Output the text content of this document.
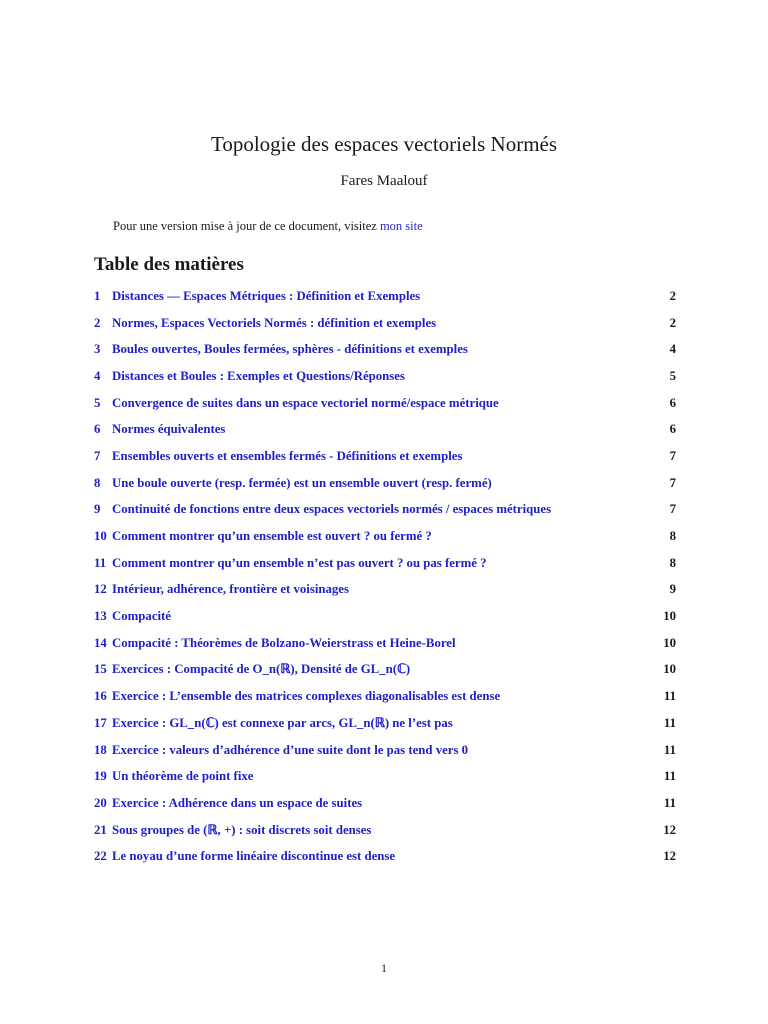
Topologie des espaces vectoriels Normés
Fares Maalouf
Pour une version mise à jour de ce document, visitez mon site
Table des matières
1 Distances — Espaces Métriques : Définition et Exemples	2
2 Normes, Espaces Vectoriels Normés : définition et exemples	2
3 Boules ouvertes, Boules fermées, sphères - définitions et exemples	4
4 Distances et Boules : Exemples et Questions/Réponses	5
5 Convergence de suites dans un espace vectoriel normé/espace métrique	6
6 Normes équivalentes	6
7 Ensembles ouverts et ensembles fermés - Définitions et exemples	7
8 Une boule ouverte (resp. fermée) est un ensemble ouvert (resp. fermé)	7
9 Continuité de fonctions entre deux espaces vectoriels normés / espaces métriques	7
10 Comment montrer qu’un ensemble est ouvert ? ou fermé ?	8
11 Comment montrer qu’un ensemble n’est pas ouvert ? ou pas fermé ?	8
12 Intérieur, adhérence, frontière et voisinages	9
13 Compacité	10
14 Compacité : Théorèmes de Bolzano-Weierstrass et Heine-Borel	10
15 Exercices : Compacité de O_n(ℝ), Densité de GL_n(ℂ)	10
16 Exercice : L’ensemble des matrices complexes diagonalisables est dense	11
17 Exercice : GL_n(ℂ) est connexe par arcs, GL_n(ℝ) ne l’est pas	11
18 Exercice : valeurs d’adhérence d’une suite dont le pas tend vers 0	11
19 Un théorème de point fixe	11
20 Exercice : Adhérence dans un espace de suites	11
21 Sous groupes de (ℝ, +) : soit discrets soit denses	12
22 Le noyau d’une forme linéaire discontinue est dense	12
1
